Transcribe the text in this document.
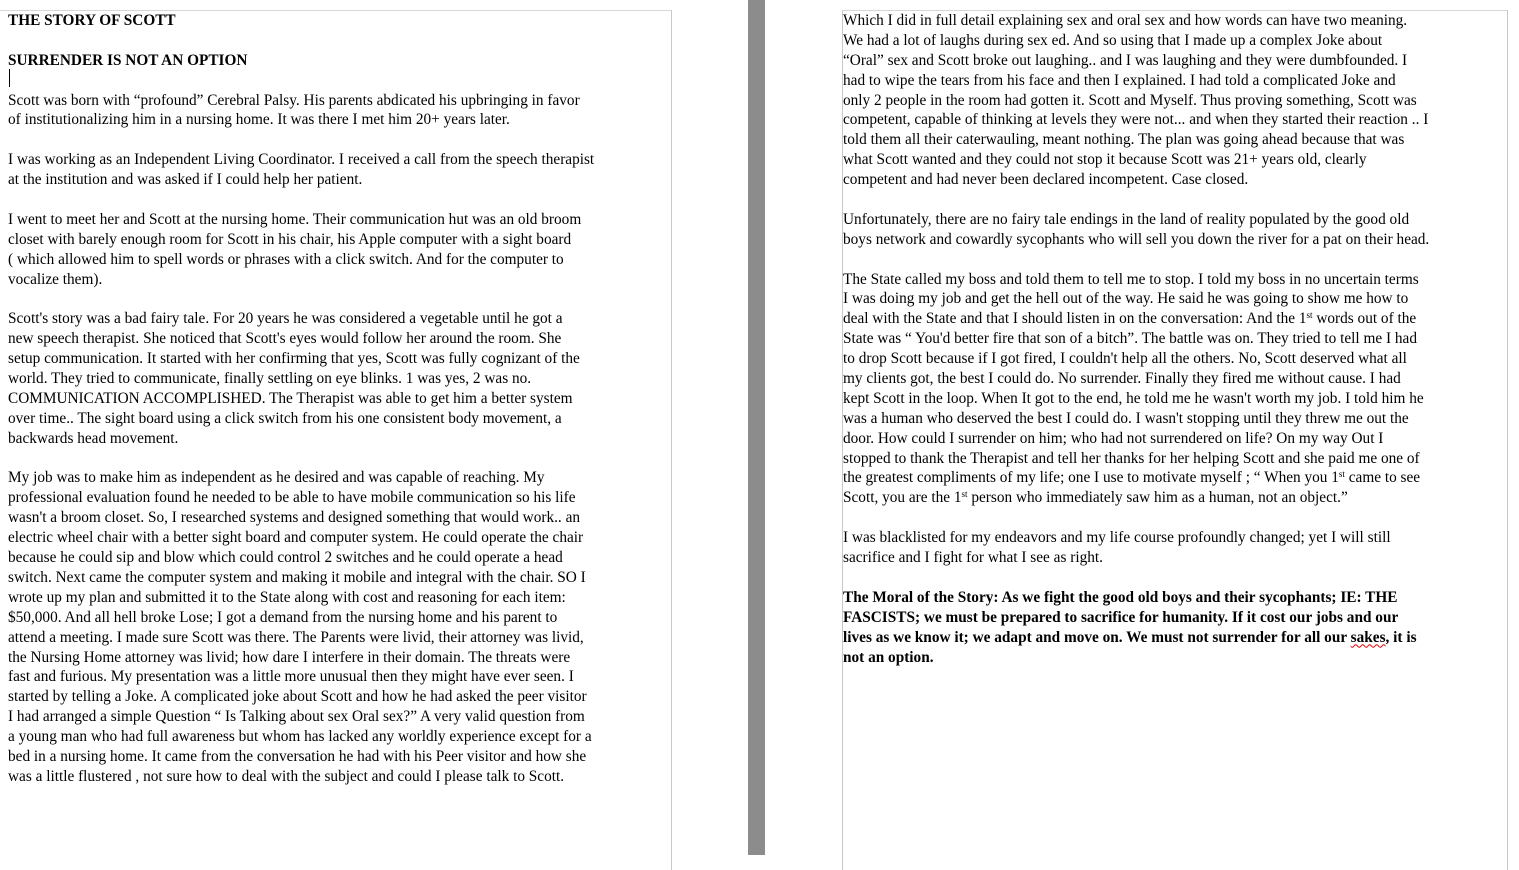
THE STORY OF SCOTT
SURRENDER IS NOT AN OPTION
Scott was born with “profound” Cerebral Palsy. His parents abdicated his upbringing in favor
of institutionalizing him in a nursing home. It was there I met him 20+ years later.
I was working as an Independent Living Coordinator. I received a call from the speech therapist
at the institution and was asked if I could help her patient.
I went to meet her and Scott at the nursing home. Their communication hut was an old broom
closet with barely enough room for Scott in his chair, his Apple computer with a sight board
( which allowed him to spell words or phrases with a click switch. And for the computer to
vocalize them).
Scott's story was a bad fairy tale. For 20 years he was considered a vegetable until he got a
new speech therapist. She noticed that Scott's eyes would follow her around the room. She
setup communication. It started with her confirming that yes, Scott was fully cognizant of the
world. They tried to communicate, finally settling on eye blinks. 1 was yes, 2 was no.
COMMUNICATION ACCOMPLISHED. The Therapist was able to get him a better system
over time.. The sight board using a click switch from his one consistent body movement, a
backwards head movement.
My job was to make him as independent as he desired and was capable of reaching. My
professional evaluation found he needed to be able to have mobile communication so his life
wasn't a broom closet. So, I researched systems and designed something that would work.. an
electric wheel chair with a better sight board and computer system. He could operate the chair
because he could sip and blow which could control 2 switches and he could operate a head
switch. Next came the computer system and making it mobile and integral with the chair. SO I
wrote up my plan and submitted it to the State along with cost and reasoning for each item:
$50,000. And all hell broke Lose; I got a demand from the nursing home and his parent to
attend a meeting. I made sure Scott was there. The Parents were livid, their attorney was livid,
the Nursing Home attorney was livid; how dare I interfere in their domain. The threats were
fast and furious. My presentation was a little more unusual then they might have ever seen. I
started by telling a Joke. A complicated joke about Scott and how he had asked the peer visitor
I had arranged a simple Question “ Is Talking about sex Oral sex?” A very valid question from
a young man who had full awareness but whom has lacked any worldly experience except for a
bed in a nursing home. It came from the conversation he had with his Peer visitor and how she
was a little flustered , not sure how to deal with the subject and could I please talk to Scott.
Which I did in full detail explaining sex and oral sex and how words can have two meaning.
We had a lot of laughs during sex ed. And so using that I made up a complex Joke about
“Oral” sex and Scott broke out laughing.. and I was laughing and they were dumbfounded. I
had to wipe the tears from his face and then I explained. I had told a complicated Joke and
only 2 people in the room had gotten it. Scott and Myself. Thus proving something, Scott was
competent, capable of thinking at levels they were not... and when they started their reaction .. I
told them all their caterwauling, meant nothing. The plan was going ahead because that was
what Scott wanted and they could not stop it because Scott was 21+ years old, clearly
competent and had never been declared incompetent. Case closed.
Unfortunately, there are no fairy tale endings in the land of reality populated by the good old
boys network and cowardly sycophants who will sell you down the river for a pat on their head.
The State called my boss and told them to tell me to stop. I told my boss in no uncertain terms
I was doing my job and get the hell out of the way. He said he was going to show me how to
deal with the State and that I should listen in on the conversation: And the 1st words out of the
State was “ You'd better fire that son of a bitch”. The battle was on. They tried to tell me I had
to drop Scott because if I got fired, I couldn't help all the others. No, Scott deserved what all
my clients got, the best I could do. No surrender. Finally they fired me without cause. I had
kept Scott in the loop. When It got to the end, he told me he wasn't worth my job. I told him he
was a human who deserved the best I could do. I wasn't stopping until they threw me out the
door. How could I surrender on him; who had not surrendered on life? On my way Out I
stopped to thank the Therapist and tell her thanks for her helping Scott and she paid me one of
the greatest compliments of my life; one I use to motivate myself ; “ When you 1st came to see
Scott, you are the 1st person who immediately saw him as a human, not an object.”
I was blacklisted for my endeavors and my life course profoundly changed; yet I will still
sacrifice and I fight for what I see as right.
The Moral of the Story: As we fight the good old boys and their sycophants; IE: THE
FASCISTS; we must be prepared to sacrifice for humanity. If it cost our jobs and our
lives as we know it; we adapt and move on. We must not surrender for all our sakes, it is
not an option.
